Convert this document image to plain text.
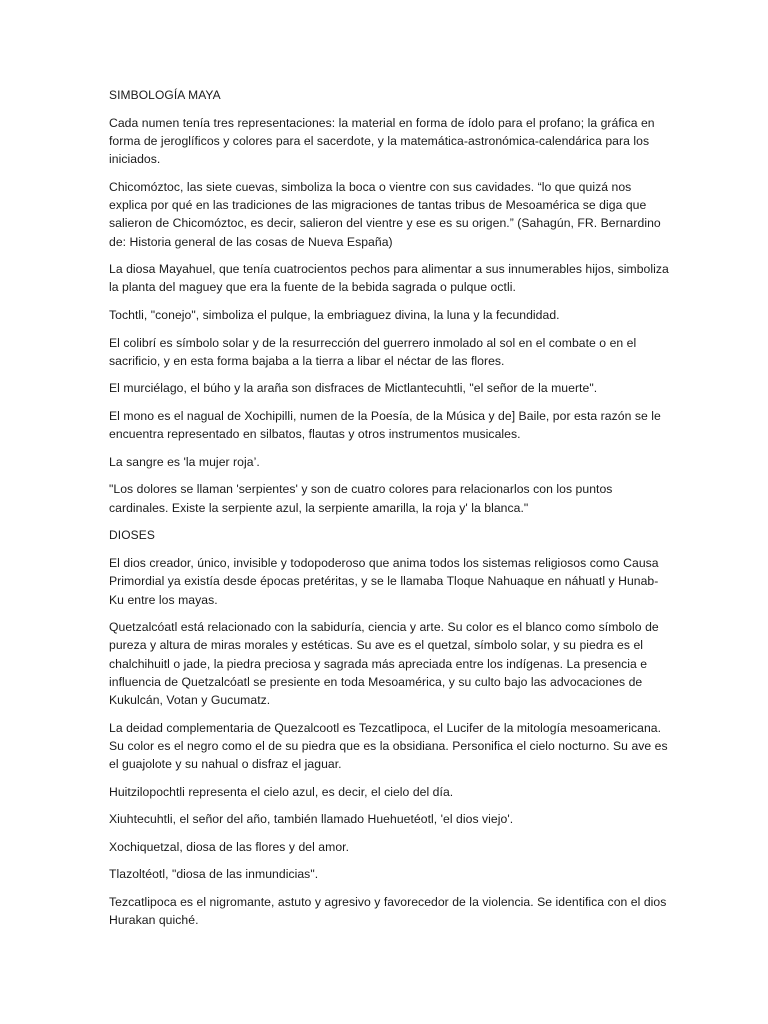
SIMBOLOGÍA MAYA

Cada numen tenía tres representaciones: la material en forma de ídolo para el profano; la gráfica en forma de jeroglíficos y colores para el sacerdote, y la matemática-astronómica-calendárica para los iniciados.

Chicomóztoc, las siete cuevas, simboliza la boca o vientre con sus cavidades. “lo que quizá nos explica por qué en las tradiciones de las migraciones de tantas tribus de Mesoamérica se diga que salieron de Chicomóztoc, es decir, salieron del vientre y ese es su origen.” (Sahagún, FR. Bernardino de: Historia general de las cosas de Nueva España)

La diosa Mayahuel, que tenía cuatrocientos pechos para alimentar a sus innumerables hijos, simboliza la planta del maguey que era la fuente de la bebida sagrada o pulque octli.

Tochtli, "conejo", simboliza el pulque, la embriaguez divina, la luna y la fecundidad.

El colibrí es símbolo solar y de la resurrección del guerrero inmolado al sol en el combate o en el sacrificio, y en esta forma bajaba a la tierra a libar el néctar de las flores.

El murciélago, el búho y la araña son disfraces de Mictlantecuhtli, "el señor de la muerte".

El mono es el nagual de Xochipilli, numen de la Poesía, de la Música y de] Baile, por esta razón se le encuentra representado en silbatos, flautas y otros instrumentos musicales.

La sangre es 'la mujer roja’.

"Los dolores se llaman 'serpientes' y son de cuatro colores para relacionarlos con los puntos cardinales. Existe la serpiente azul, la serpiente amarilla, la roja y' la blanca."

DIOSES

El dios creador, único, invisible y todopoderoso que anima todos los sistemas religiosos como Causa Primordial ya existía desde épocas pretéritas, y se le llamaba Tloque Nahuaque en náhuatl y Hunab-Ku entre los mayas.

Quetzalcóatl está relacionado con la sabiduría, ciencia y arte. Su color es el blanco como símbolo de pureza y altura de miras morales y estéticas. Su ave es el quetzal, símbolo solar, y su piedra es el chalchihuitl o jade, la piedra preciosa y sagrada más apreciada entre los indígenas. La presencia e influencia de Quetzalcóatl se presiente en toda Mesoamérica, y su culto bajo las advocaciones de Kukulcán, Votan y Gucumatz.

La deidad complementaria de Quezalcootl es Tezcatlipoca, el Lucifer de la mitología mesoamericana. Su color es el negro como el de su piedra que es la obsidiana. Personifica el cielo nocturno. Su ave es el guajolote y su nahual o disfraz el jaguar.

Huitzilopochtli representa el cielo azul, es decir, el cielo del día.

Xiuhtecuhtli, el señor del año, también llamado Huehuetéotl, 'el dios viejo'.

Xochiquetzal, diosa de las flores y del amor.

Tlazoltéotl, "diosa de las inmundicias".

Tezcatlipoca es el nigromante, astuto y agresivo y favorecedor de la violencia. Se identifica con el dios Hurakan quiché.
